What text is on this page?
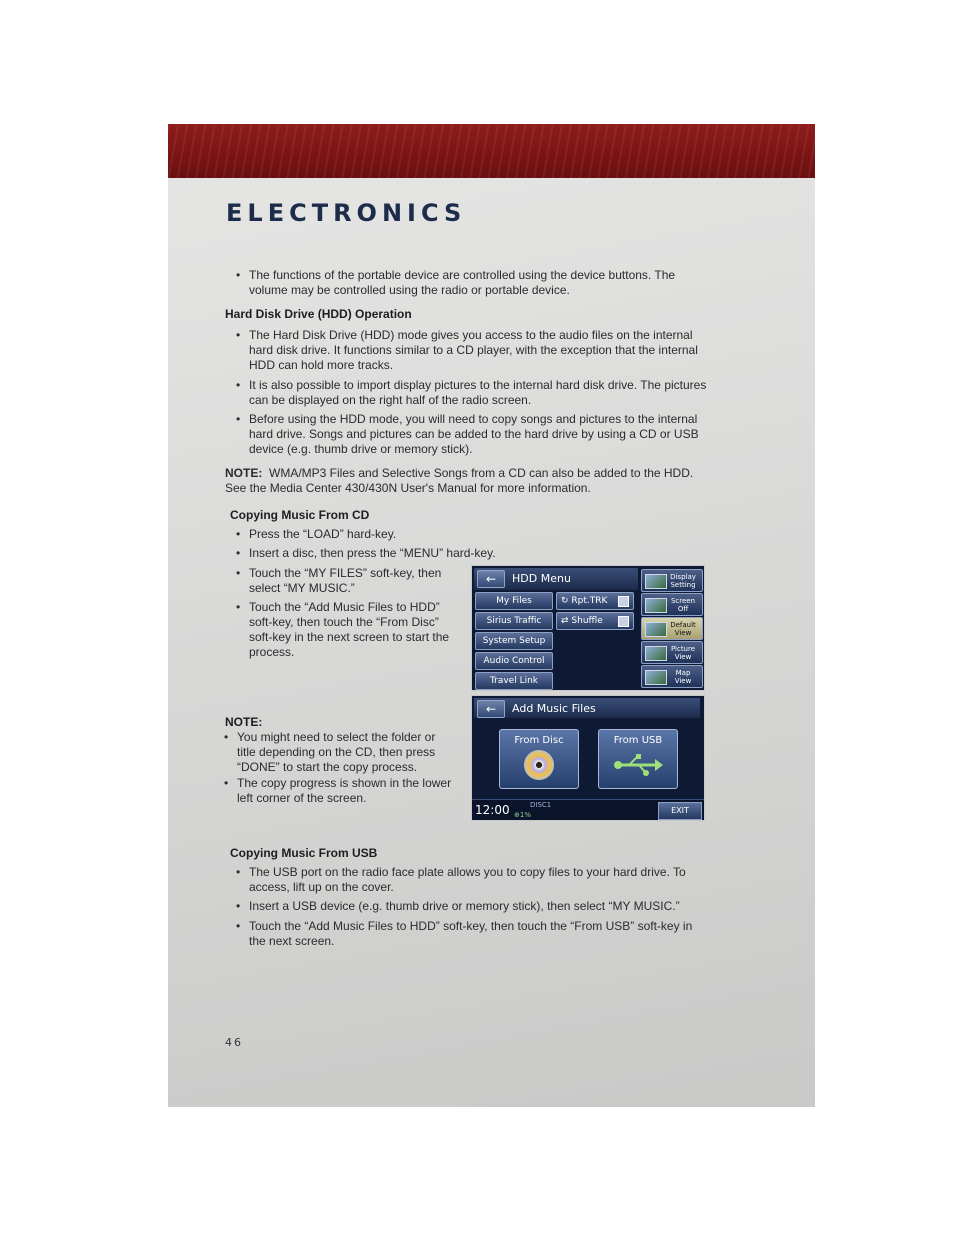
ELECTRONICS
• The functions of the portable device are controlled using the device buttons. The volume may be controlled using the radio or portable device.
Hard Disk Drive (HDD) Operation
• The Hard Disk Drive (HDD) mode gives you access to the audio files on the internal hard disk drive. It functions similar to a CD player, with the exception that the internal HDD can hold more tracks.
• It is also possible to import display pictures to the internal hard disk drive. The pictures can be displayed on the right half of the radio screen.
• Before using the HDD mode, you will need to copy songs and pictures to the internal hard drive. Songs and pictures can be added to the hard drive by using a CD or USB device (e.g. thumb drive or memory stick).
NOTE: WMA/MP3 Files and Selective Songs from a CD can also be added to the HDD. See the Media Center 430/430N User's Manual for more information.
Copying Music From CD
• Press the “LOAD” hard-key.
• Insert a disc, then press the “MENU” hard-key.
• Touch the “MY FILES” soft-key, then select “MY MUSIC.”
• Touch the “Add Music Files to HDD” soft-key, then touch the “From Disc” soft-key in the next screen to start the process.
NOTE:
• You might need to select the folder or title depending on the CD, then press “DONE” to start the copy process.
• The copy progress is shown in the lower left corner of the screen.
Copying Music From USB
• The USB port on the radio face plate allows you to copy files to your hard drive. To access, lift up on the cover.
• Insert a USB device (e.g. thumb drive or memory stick), then select “MY MUSIC.”
• Touch the “Add Music Files to HDD” soft-key, then touch the “From USB” soft-key in the next screen.
←	HDD Menu
My Files
Sirius Traffic
System Setup
Audio Control
Travel Link
↻ Rpt.TRK
⇄ Shuffle
Display
Setting
Screen
Off
Default
View
Picture
View
Map
View
←	Add Music Files
From Disc	From USB
12:00	DISC1
⊕1%	EXIT
46
